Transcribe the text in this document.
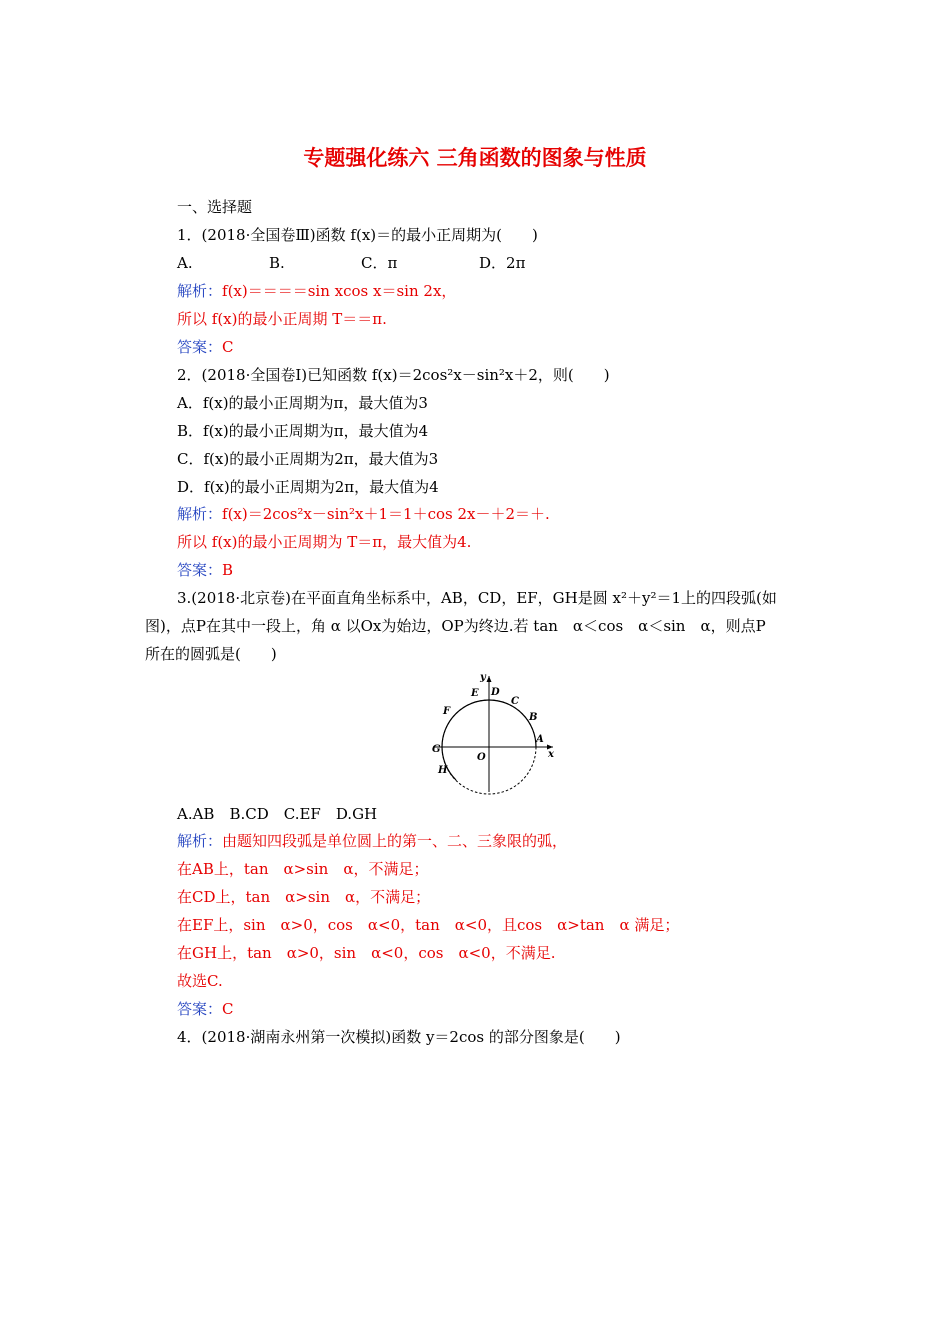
专题强化练六 三角函数的图象与性质
一、选择题
1．(2018·全国卷Ⅲ)函数 f(x)＝的最小正周期为(　　)
A.	B.	C．π	D．2π
解析：f(x)＝＝＝＝sin xcos x＝sin 2x，
所以 f(x)的最小正周期 T＝＝π.
答案：C
2．(2018·全国卷Ⅰ)已知函数 f(x)＝2cos²x－sin²x＋2，则(　　)
A．f(x)的最小正周期为π，最大值为3
B．f(x)的最小正周期为π，最大值为4
C．f(x)的最小正周期为2π，最大值为3
D．f(x)的最小正周期为2π，最大值为4
解析：f(x)＝2cos²x－sin²x＋1＝1＋cos 2x－＋2＝＋.
所以 f(x)的最小正周期为 T＝π，最大值为4.
答案：B
3.(2018·北京卷)在平面直角坐标系中，AB，CD，EF，GH是圆 x²＋y²＝1上的四段弧(如
图)，点P在其中一段上，角 α 以Ox为始边，OP为终边.若 tan　α＜cos　α＜sin　α，则点P
所在的圆弧是(　　)
y
x
O
A
B
C
D
E
F
G
H
A.AB　B.CD　C.EF　D.GH
解析：由题知四段弧是单位圆上的第一、二、三象限的弧，
在AB上，tan　α>sin　α，不满足；
在CD上，tan　α>sin　α，不满足；
在EF上，sin　α>0，cos　α<0，tan　α<0，且cos　α>tan　α 满足；
在GH上，tan　α>0，sin　α<0，cos　α<0，不满足.
故选C.
答案：C
4．(2018·湖南永州第一次模拟)函数 y＝2cos 的部分图象是(　　)
